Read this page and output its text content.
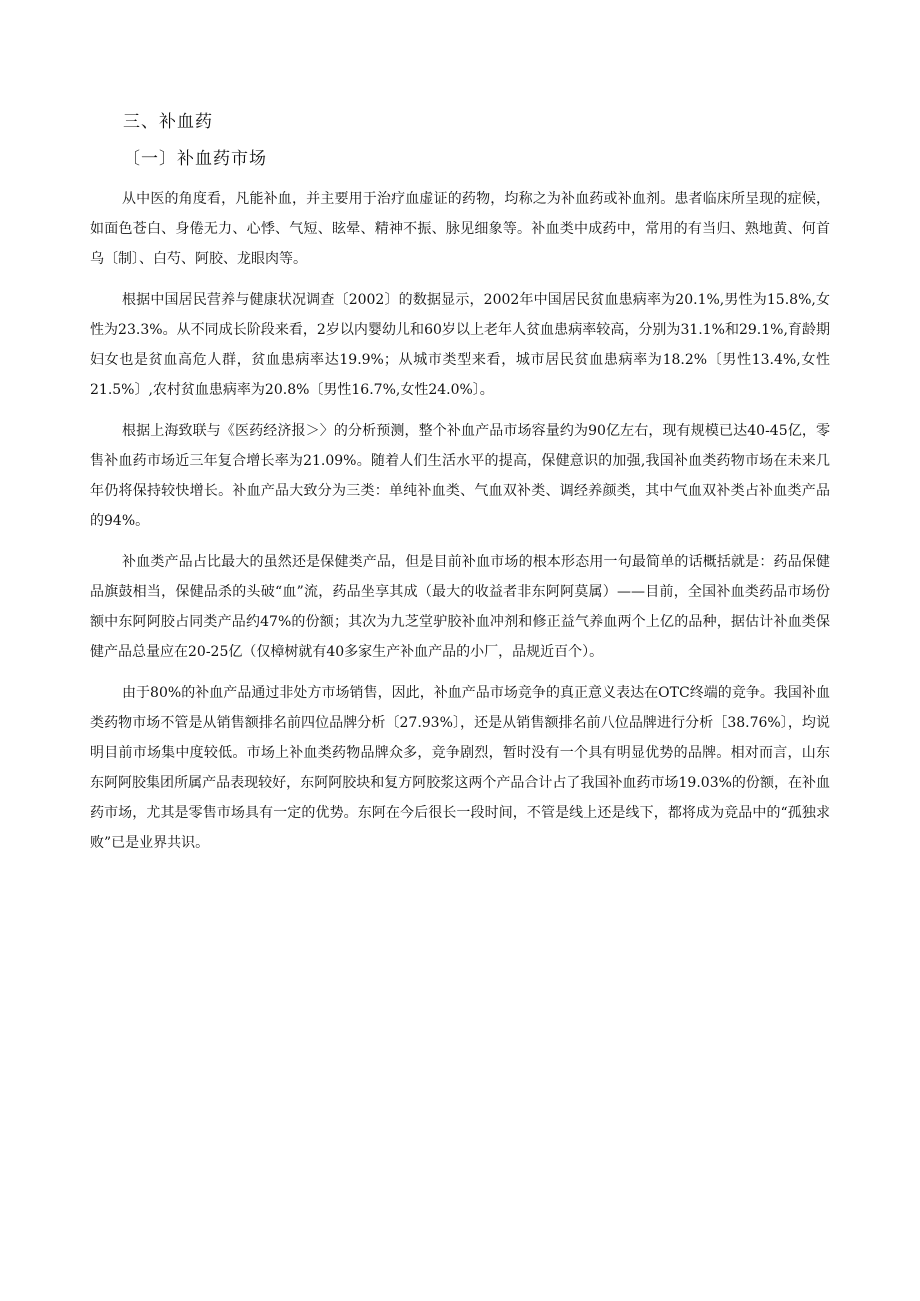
三、补血药
〔一〕补血药市场

从中医的角度看，凡能补血，并主要用于治疗血虚证的药物，均称之为补血药或补血剂。患者临床所呈现的症候，如面色苍白、身倦无力、心悸、气短、眩晕、精神不振、脉见细象等。补血类中成药中，常用的有当归、熟地黄、何首乌〔制〕、白芍、阿胶、龙眼肉等。

根据中国居民营养与健康状况调查〔2002〕的数据显示，2002年中国居民贫血患病率为20.1%,男性为15.8%,女性为23.3%。从不同成长阶段来看，2岁以内婴幼儿和60岁以上老年人贫血患病率较高，分别为31.1%和29.1%,育龄期妇女也是贫血高危人群，贫血患病率达19.9%；从城市类型来看，城市居民贫血患病率为18.2%〔男性13.4%,女性21.5%〕,农村贫血患病率为20.8%〔男性16.7%,女性24.0%〕。

根据上海致联与《医药经济报＞〉的分析预测，整个补血产品市场容量约为90亿左右，现有规模已达40-45亿，零售补血药市场近三年复合增长率为21.09%。随着人们生活水平的提高，保健意识的加强,我国补血类药物市场在未来几年仍将保持较快增长。补血产品大致分为三类：单纯补血类、气血双补类、调经养颜类，其中气血双补类占补血类产品的94%。

补血类产品占比最大的虽然还是保健类产品，但是目前补血市场的根本形态用一句最简单的话概括就是：药品保健品旗鼓相当，保健品杀的头破“血”流，药品坐享其成（最大的收益者非东阿阿莫属）——目前，全国补血类药品市场份额中东阿阿胶占同类产品约47%的份额；其次为九芝堂驴胶补血冲剂和修正益气养血两个上亿的品种，据估计补血类保健产品总量应在20-25亿（仅樟树就有40多家生产补血产品的小厂，品规近百个）。

由于80%的补血产品通过非处方市场销售，因此，补血产品市场竞争的真正意义表达在OTC终端的竞争。我国补血类药物市场不管是从销售额排名前四位品牌分析〔27.93%〕，还是从销售额排名前八位品牌进行分析［38.76%〕，均说明目前市场集中度较低。市场上补血类药物品牌众多，竞争剧烈，暂时没有一个具有明显优势的品牌。相对而言，山东东阿阿胶集团所属产品表现较好，东阿阿胶块和复方阿胶浆这两个产品合计占了我国补血药市场19.03%的份额，在补血药市场，尤其是零售市场具有一定的优势。东阿在今后很长一段时间，不管是线上还是线下，都将成为竞品中的“孤独求败”已是业界共识。
